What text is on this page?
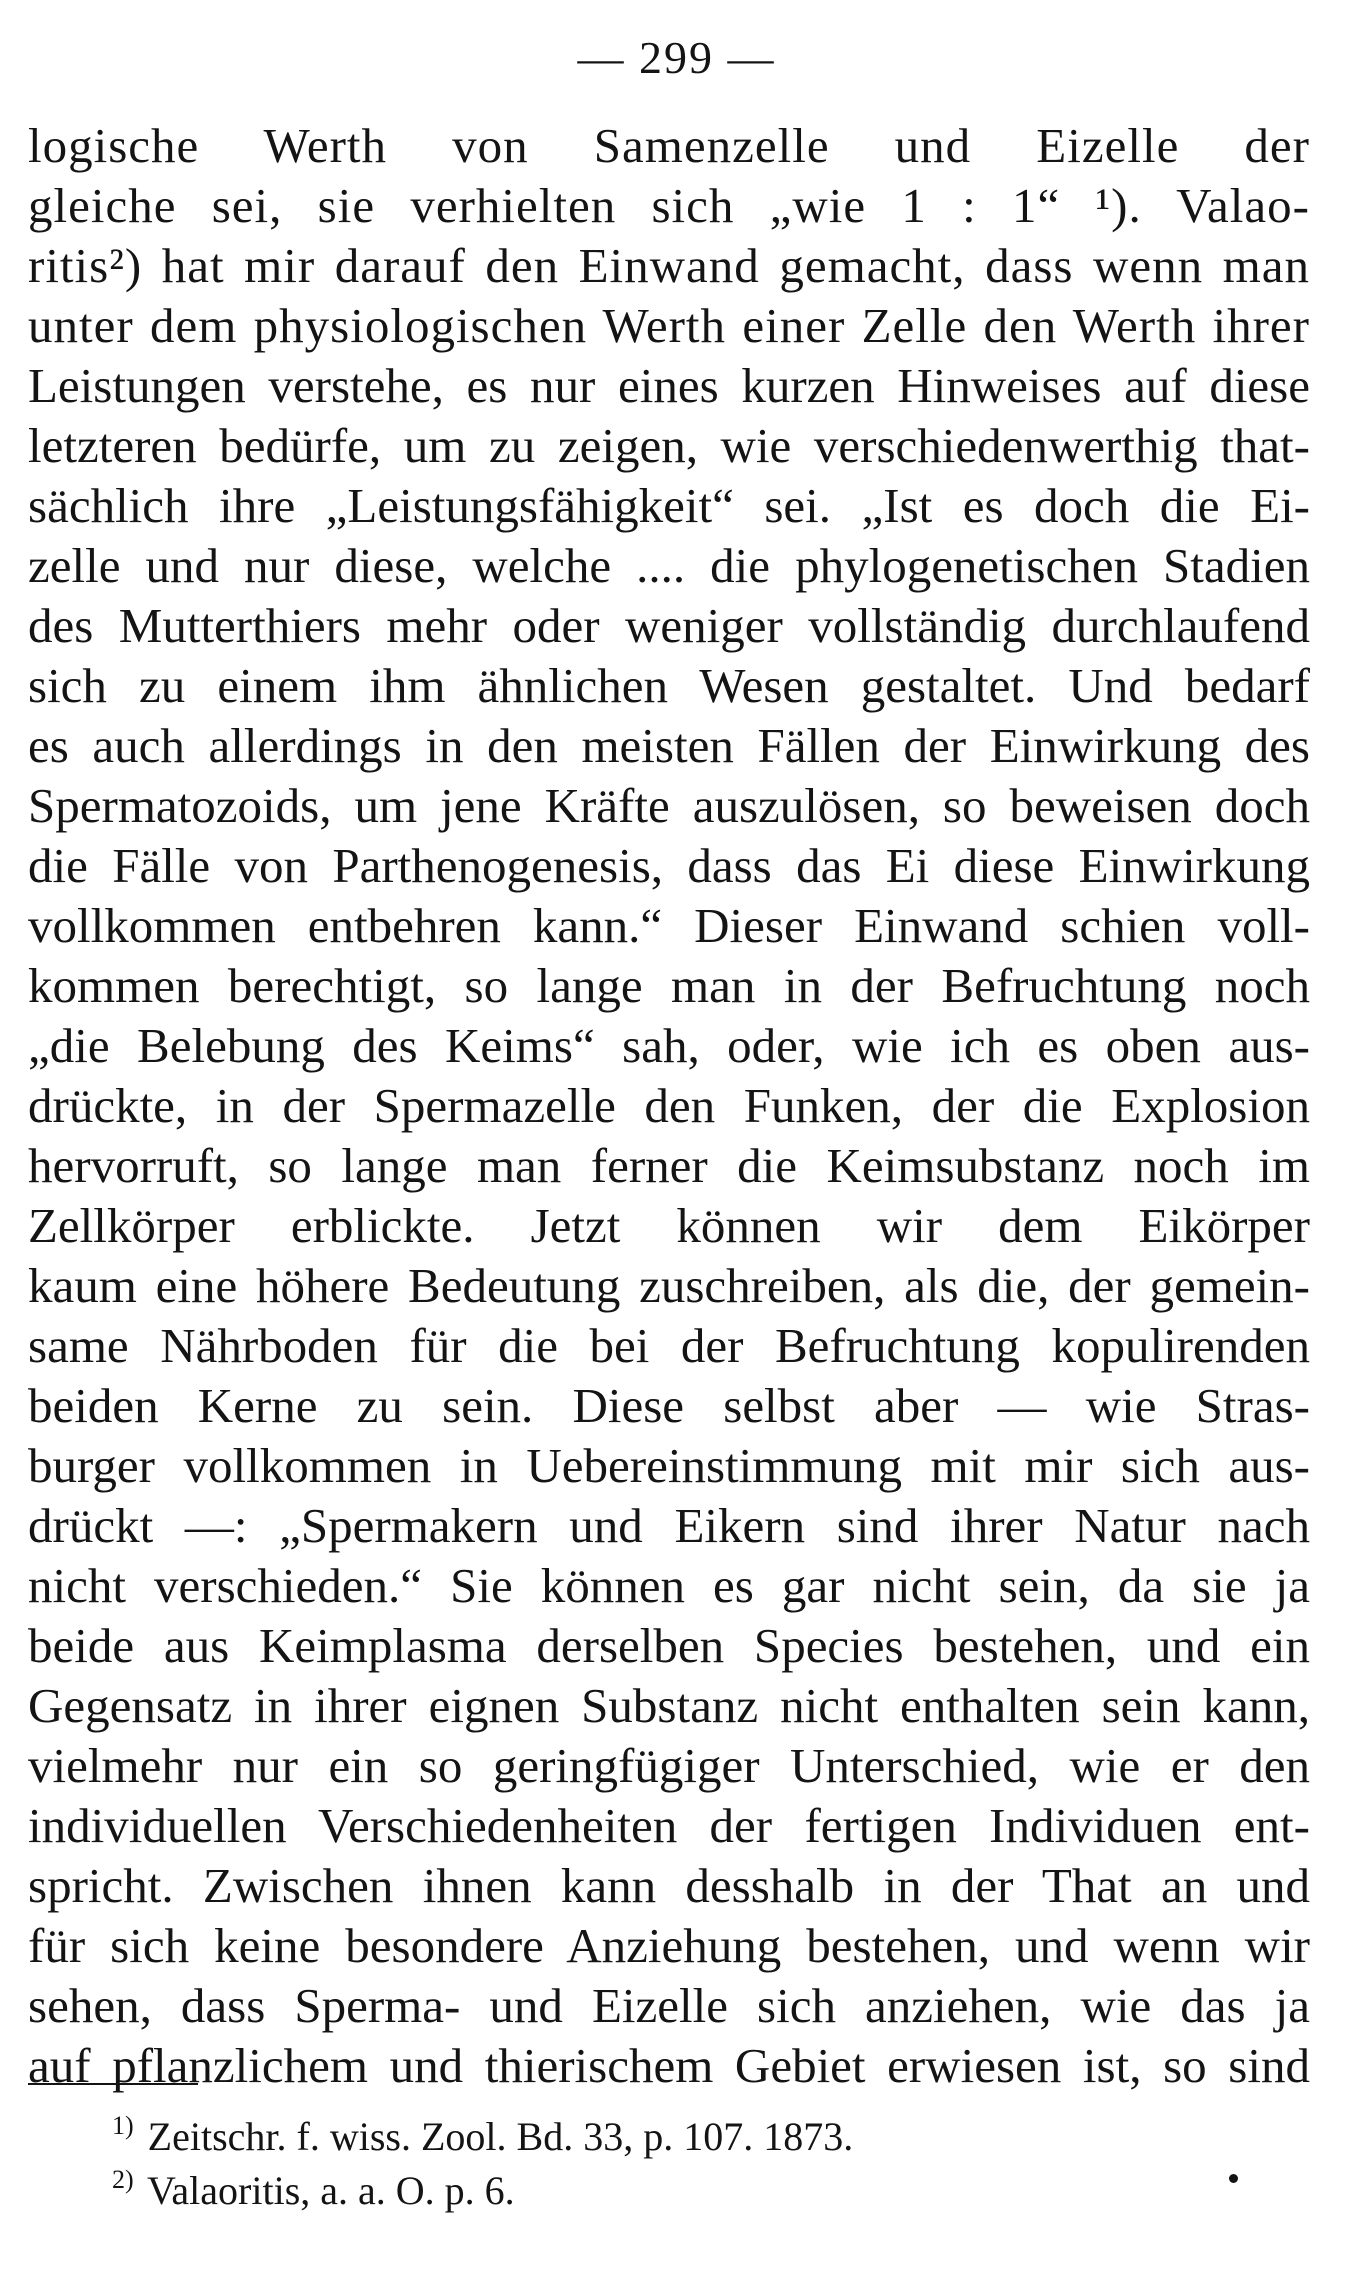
— 299 —
logische Werth von Samenzelle und Eizelle der
gleiche sei, sie verhielten sich „wie 1 : 1“ ¹). Valao-
ritis²) hat mir darauf den Einwand gemacht, dass wenn man
unter dem physiologischen Werth einer Zelle den Werth ihrer
Leistungen verstehe, es nur eines kurzen Hinweises auf diese
letzteren bedürfe, um zu zeigen, wie verschiedenwerthig that-
sächlich ihre „Leistungsfähigkeit“ sei. „Ist es doch die Ei-
zelle und nur diese, welche .... die phylogenetischen Stadien
des Mutterthiers mehr oder weniger vollständig durchlaufend
sich zu einem ihm ähnlichen Wesen gestaltet. Und bedarf
es auch allerdings in den meisten Fällen der Einwirkung des
Spermatozoids, um jene Kräfte auszulösen, so beweisen doch
die Fälle von Parthenogenesis, dass das Ei diese Einwirkung
vollkommen entbehren kann.“ Dieser Einwand schien voll-
kommen berechtigt, so lange man in der Befruchtung noch
„die Belebung des Keims“ sah, oder, wie ich es oben aus-
drückte, in der Spermazelle den Funken, der die Explosion
hervorruft, so lange man ferner die Keimsubstanz noch im
Zellkörper erblickte. Jetzt können wir dem Eikörper
kaum eine höhere Bedeutung zuschreiben, als die, der gemein-
same Nährboden für die bei der Befruchtung kopulirenden
beiden Kerne zu sein. Diese selbst aber — wie Stras-
burger vollkommen in Uebereinstimmung mit mir sich aus-
drückt —: „Spermakern und Eikern sind ihrer Natur nach
nicht verschieden.“ Sie können es gar nicht sein, da sie ja
beide aus Keimplasma derselben Species bestehen, und ein
Gegensatz in ihrer eignen Substanz nicht enthalten sein kann,
vielmehr nur ein so geringfügiger Unterschied, wie er den
individuellen Verschiedenheiten der fertigen Individuen ent-
spricht. Zwischen ihnen kann desshalb in der That an und
für sich keine besondere Anziehung bestehen, und wenn wir
sehen, dass Sperma- und Eizelle sich anziehen, wie das ja
auf pflanzlichem und thierischem Gebiet erwiesen ist, so sind
$^{1)}$ Zeitschr. f. wiss. Zool. Bd. 33, p. 107. 1873.
$^{2)}$ Valaoritis, a. a. O. p. 6.
